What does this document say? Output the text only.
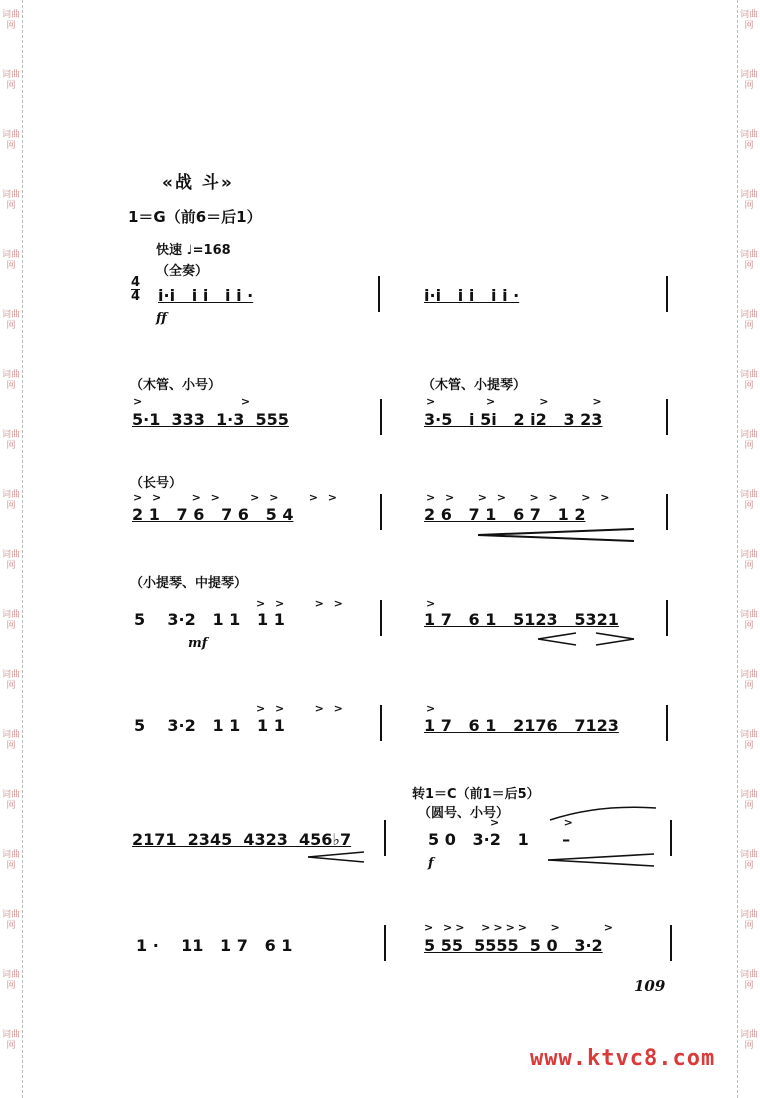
词曲网
词曲网
词曲网
词曲网
词曲网
词曲网
词曲网
词曲网
词曲网
词曲网
词曲网
词曲网
词曲网
词曲网
词曲网
词曲网
词曲网
词曲网
词曲网
词曲网
词曲网
词曲网
词曲网
词曲网
词曲网
词曲网
词曲网
词曲网
词曲网
词曲网
词曲网
词曲网
词曲网
词曲网
词曲网
词曲网
«战 斗»
1＝G（前6＝后1）
快速 ♩=168
4
4
（全奏）
i·i   i i   i i ·
ff
i·i   i i   i i ·
（木管、小号）	（木管、小提琴）
>              >
5·1  333  1·3  555
>       >      >      >
3·5   i 5i   2 i2   3 23
（长号）
> >    > >    > >    > >
2 1   7 6   7 6   5 4
> >   > >   > >   > >
2 6   7 1   6 7   1 2
（小提琴、中提琴）
> >    > >
5    3·2   1 1   1 1
mf
>
1 7   6 1   5123   5321
> >    > >
5    3·2   1 1   1 1
>
1 7   6 1   2176   7123
转1＝C（前1＝后5）
（圆号、小号）
2171  2345  4323  456♭7
>         >
5 0   3·2   1      –
f
1 ·    11   1 7   6 1
> >>  >>>>   >      >
5 55  5555  5 0   3·2
109
www.ktvc8.com
